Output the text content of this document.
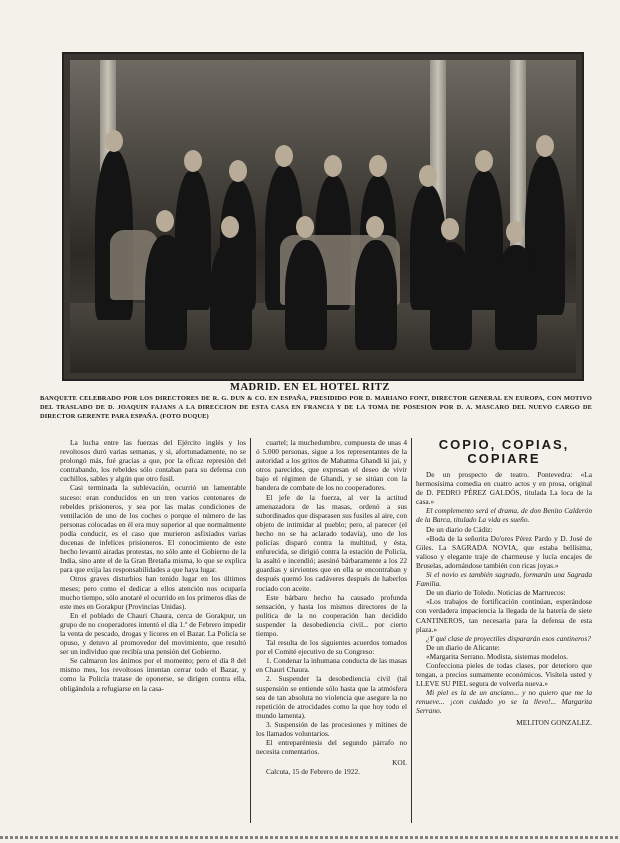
MADRID. EN EL HOTEL RITZ
BANQUETE CELEBRADO POR LOS DIRECTORES DE R. G. DUN & CO. EN ESPAÑA, PRESIDIDO POR D. MARIANO FONT, DIRECTOR GENERAL EN EUROPA, CON MOTIVO DEL TRASLADO DE D. JOAQUIN FAJANS A LA DIRECCION DE ESTA CASA EN FRANCIA Y DE LA TOMA DE POSESION POR D. A. MASCARO DEL NUEVO CARGO DE DIRECTOR GERENTE PARA ESPAÑA. (FOTO DUQUE)

La lucha entre las fuerzas del Ejército inglés y los revoltosos duró varias semanas, y si, afortunadamente, no se prolongó más, fué gracias a que, por la eficaz represión del contrabando, los rebeldes sólo contaban para su defensa con cuchillos, sables y algún que otro fusil.

Casi terminada la sublevación, ocurrió un lamentable suceso: eran conducidos en un tren varios centenares de rebeldes prisioneros, y sea por las malas condiciones de ventilación de uno de los coches o porque el número de las personas colocadas en él era muy superior al que normalmente podía conducir, es el caso que murieron asfixiados varias docenas de infelices prisioneros. El conocimiento de este hecho levantó airadas protestas, no sólo ante el Gobierno de la India, sino ante el de la Gran Bretaña misma, lo que se explica para que exija las responsabilidades a que haya lugar.

Otros graves disturbios han tenido lugar en los últimos meses; pero como el dedicar a ellos atención nos ocuparía mucho tiempo, sólo anotaré el ocurrido en los primeros días de este mes en Gorakpur (Provincias Unidas).

En el poblado de Chauri Chaura, cerca de Gorakpur, un grupo de no cooperadores intentó el día 1.º de Febrero impedir la venta de pescado, drogas y licores en el Bazar. La Policía se opuso, y detuvo al promovedor del movimiento, que resultó ser un individuo que recibía una pensión del Gobierno.

Se calmaron los ánimos por el momento; pero el día 8 del mismo mes, los revoltosos intentan cerrar todo el Bazar, y como la Policía tratase de oponerse, se dirigen contra ella, obligándola a refugiarse en la casa-

cuartel; la muchedumbre, compuesta de unas 4 ó 5.000 personas, sigue a los representantes de la autoridad a los gritos de Mahatma Ghandi ki jai, y otros parecidos, que expresan el deseo de vivir bajo el régimen de Ghandi, y se sitúan con la bandera de combate de los no cooperadores.

El jefe de la fuerza, al ver la actitud amenazadora de las masas, ordenó a sus subordinados que disparasen sus fusiles al aire, con objeto de intimidar al pueblo; pero, al parecer (el hecho no se ha aclarado todavía), uno de los policías disparó contra la multitud, y ésta, enfurecida, se dirigió contra la estación de Policía, la asaltó e incendió; asesinó bárbaramente a los 22 guardias y sirvientes que en ella se encontraban y después quemó los cadáveres después de haberlos rociado con aceite.

Este bárbaro hecho ha causado profunda sensación, y hasta los mismos directores de la política de la no cooperación han decidido suspender la desobediencia civil... por cierto tiempo.

Tal resulta de los siguientes acuerdos tomados por el Comité ejecutivo de su Congreso:

1. Condenar la inhumana conducta de las masas en Chauri Chaura.

2. Suspender la desobediencia civil (tal suspensión se entiende sólo hasta que la atmósfera sea de tan absoluta no violencia que asegure la no repetición de atrocidades como la que hoy todo el mundo lamenta).

3. Suspensión de las procesiones y mítines de los llamados voluntarios.

El entreparéntesis del segundo párrafo no necesita comentarios.

KOI.

Calcuta, 15 de Febrero de 1922.

COPIO, COPIAS,
COPIARE

De un prospecto de teatro. Pontevedra: «La hermosísima comedia en cuatro actos y en prosa, original de D. PEDRO PÉREZ GALDÓS, titulada La loca de la casa.»

El complemento será el drama, de don Benito Calderón de la Barca, titulado La vida es sueño.

De un diario de Cádiz:

«Boda de la señorita Do'ores Pérez Pardo y D. José de Giles. La SAGRADA NOVIA, que estaba bellísima, valioso y elegante traje de charmeuse y lucía encajes de Bruselas, adornándose también con ricas joyas.»

Si el novio es también sagrado, formarán una Sagrada Familia.

De un diario de Toledo. Noticias de Marruecos:

«Los trabajos de fortificación continúan, esperándose con verdadera impaciencia la llegada de la batería de siete CANTINEROS, tan necesaria para la defensa de esta plaza.»

¿Y qué clase de proyectiles dispararán esos cantineros?

De un diario de Alicante:

«Margarita Serrano. Modista, sistemas modelos.

Confecciona pieles de todas clases, por deterioro que tengan, a precios sumamente económicos. Visítela usted y LLEVE SU PIEL segura de volverla nueva.»

Mi piel es la de un anciano... y no quiero que me la renueve... ¡con cuidado yo se la llevo!... Margarita Serrano.

MELITON GONZALEZ.
